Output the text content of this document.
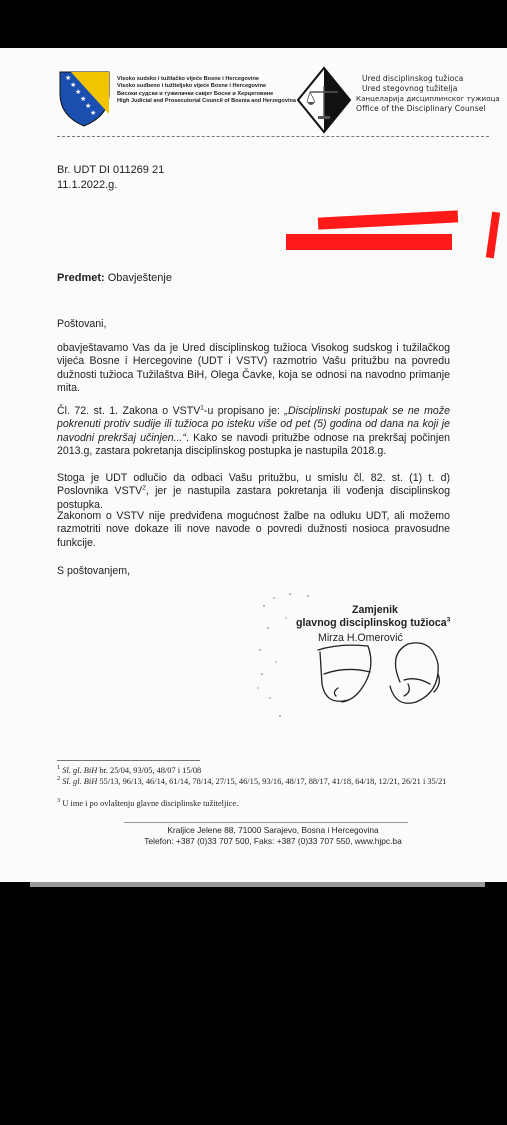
★
★
★
★
★
★
Visoko sudsko i tužilačko vijeće Bosne i Hercegovine
Visoko sudbeno i tužiteljsko vijeće Bosne i Hercegovine
Високи судски и тужилачки савјет Босне и Херцеговине
High Judicial and Prosecutorial Council of Bosnia and Herzegovina
Ured disciplinskog tužioca
Ured stegovnog tužitelja
Канцеларија дисциплинског тужиоца
Office of the Disciplinary Counsel
Br. UDT DI 011269 21
11.1.2022.g.
Predmet: Obavještenje
Poštovani,
obavještavamo Vas da je Ured disciplinskog tužioca Visokog sudskog i tužilačkog vijeća Bosne i Hercegovine (UDT i VSTV) razmotrio Vašu pritužbu na povredu dužnosti tužioca Tužilaštva BiH, Olega Čavke, koja se odnosi na navodno primanje mita.
Čl. 72. st. 1. Zakona o VSTV$^1$-u propisano je: „Disciplinski postupak se ne može pokrenuti protiv sudije ili tužioca po isteku više od pet (5) godina od dana na koji je navodni prekršaj učinjen...“. Kako se navodi pritužbe odnose na prekršaj počinjen 2013.g, zastara pokretanja disciplinskog postupka je nastupila 2018.g.
Stoga je UDT odlučio da odbaci Vašu pritužbu, u smislu čl. 82. st. (1) t. d) Poslovnika VSTV$^2$, jer je nastupila zastara pokretanja ili vođenja disciplinskog postupka.
Zakonom o VSTV nije predviđena mogućnost žalbe na odluku UDT, ali možemo razmotriti nove dokaze ili nove navode o povredi dužnosti nosioca pravosudne funkcije.
S poštovanjem,
Zamjenik
glavnog disciplinskog tužioca$^3$
Mirza H.Omerović
$^1$ Sl. gl. BiH br. 25/04, 93/05, 48/07 i 15/08
$^2$ Sl. gl. BiH 55/13, 96/13, 46/14, 61/14, 78/14, 27/15, 46/15, 93/16, 48/17, 88/17, 41/18, 64/18, 12/21, 26/21 i 35/21
$^3$ U ime i po ovlaštenju glavne disciplinske tužiteljice.
Kraljice Jelene 88, 71000 Sarajevo, Bosna i Hercegovina
Telefon: +387 (0)33 707 500, Faks: +387 (0)33 707 550, www.hjpc.ba
